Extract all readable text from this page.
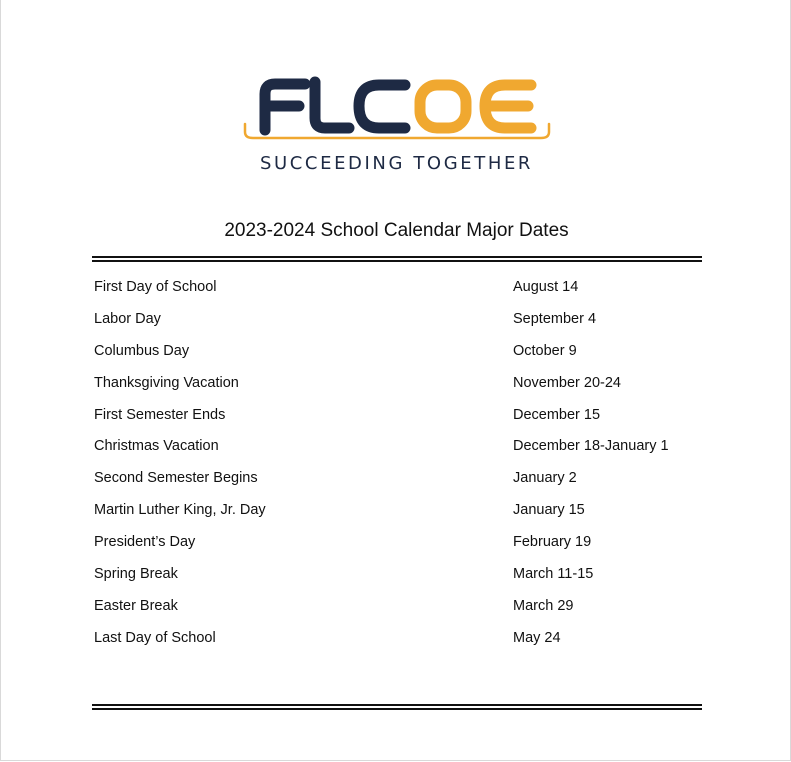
SUCCEEDING TOGETHER
2023-2024 School Calendar Major Dates
First Day of School	August 14
Labor Day	September 4
Columbus Day	October 9
Thanksgiving Vacation	November 20-24
First Semester Ends	December 15
Christmas Vacation	December 18-January 1
Second Semester Begins	January 2
Martin Luther King, Jr. Day	January 15
President’s Day	February 19
Spring Break	March 11-15
Easter Break	March 29
Last Day of School	May 24
